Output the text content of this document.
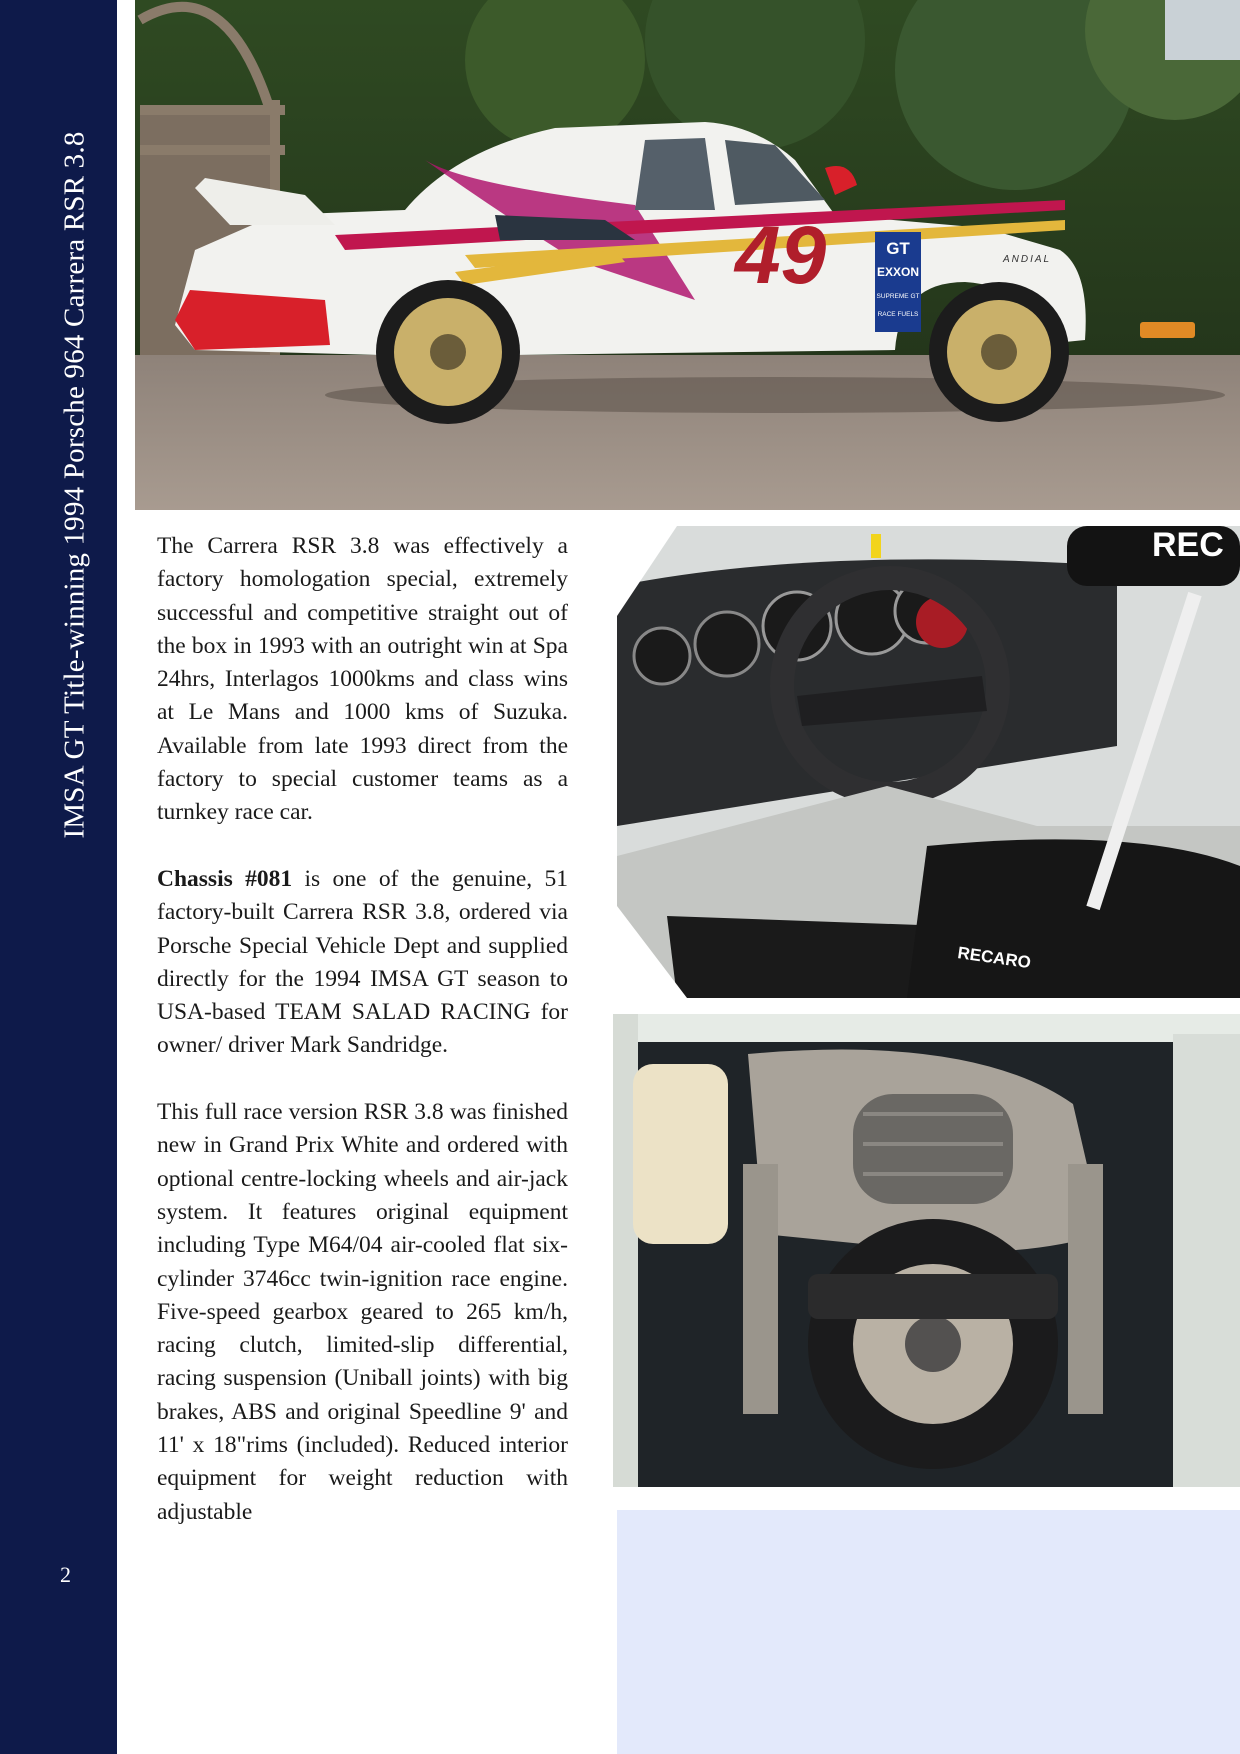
IMSA GT Title-winning 1994 Porsche 964 Carrera RSR 3.8
2
49	GT
EXXON
SUPREME GT
RACE FUELS
ANDIAL
REC
RECARO

The Carrera RSR 3.8 was effectively a factory homologation special, extremely successful and competitive straight out of the box in 1993 with an outright win at Spa 24hrs, Interlagos 1000kms and class wins at Le Mans and 1000 kms of Suzuka. Available from late 1993 direct from the factory to special customer teams as a turnkey race car.

Chassis #081 is one of the genuine, 51 factory-built Carrera RSR 3.8, ordered via Porsche Special Vehicle Dept and supplied directly for the 1994 IMSA GT season to USA-based TEAM SALAD RACING for owner/ driver Mark Sandridge.

This full race version RSR 3.8 was finished new in Grand Prix White and ordered with optional centre-locking wheels and air-jack system. It features original equipment including Type M64/04 air-cooled flat six-cylinder 3746cc twin-ignition race engine. Five-speed gearbox geared to 265 km/h, racing clutch, limited-slip differential, racing suspension (Uniball joints) with big brakes, ABS and original Speedline 9' and 11' x 18"rims (included). Reduced interior equipment for weight reduction with adjustable
